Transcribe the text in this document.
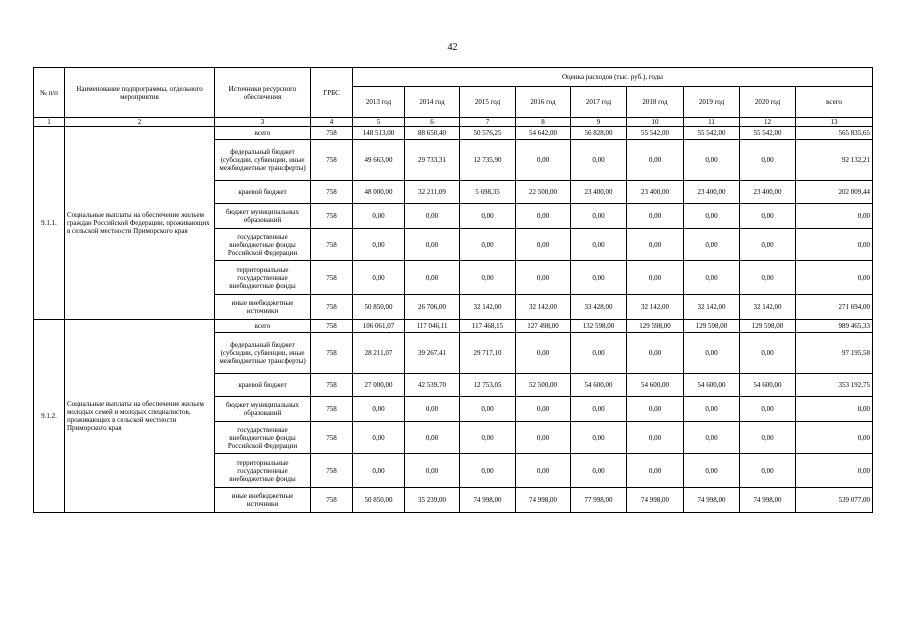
42
№ п/п	Наименование подпрограммы, отдельного мероприятия	Источники ресурсного обеспечения	ГРБС	Оценка расходов (тыс. руб.), годы								
				2013 год	2014 год	2015 год	2016 год	2017 год	2018 год	2019 год	2020 год	всего
1	2	3	4	5	6	7	8	9	10	11	12	13
9.1.1.	Социальные выплаты на обеспечение жильем граждан Российской Федерации, проживающих в сельской местности Приморского края	всего	758	148 513,00	88 650,40	50 576,25	54 642,00	56 828,00	55 542,00	55 542,00	55 542,00	565 835,65
		федеральный бюджет (субсидии, субвенции, иные межбюджетные трансферты)	758	49 663,00	29 733,31	12 735,90	0,00	0,00	0,00	0,00	0,00	92 132,21
		краевой бюджет	758	48 000,00	32 211,09	5 698,35	22 500,00	23 400,00	23 400,00	23 400,00	23 400,00	202 009,44
		бюджет муниципальных образований	758	0,00	0,00	0,00	0,00	0,00	0,00	0,00	0,00	0,00
		государственные внебюджетные фонды Российской Федерации	758	0,00	0,00	0,00	0,00	0,00	0,00	0,00	0,00	0,00
		территориальные государственные внебюджетные фонды	758	0,00	0,00	0,00	0,00	0,00	0,00	0,00	0,00	0,00
		иные внебюджетные источники	758	50 850,00	26 706,00	32 142,00	32 142,00	33 428,00	32 142,00	32 142,00	32 142,00	271 694,00
9.1.2.	Социальные выплаты на обеспечение жильем молодых семей и молодых специалистов, проживающих в сельской местности Приморского края	всего	758	106 061,07	117 046,11	117 468,15	127 498,00	132 598,00	129 598,00	129 598,00	129 598,00	989 465,33
		федеральный бюджет (субсидии, субвенции, иные межбюджетные трансферты)	758	28 211,07	39 267,41	29 717,10	0,00	0,00	0,00	0,00	0,00	97 195,58
		краевой бюджет	758	27 000,00	42 539,70	12 753,05	52 500,00	54 600,00	54 600,00	54 600,00	54 600,00	353 192,75
		бюджет муниципальных образований	758	0,00	0,00	0,00	0,00	0,00	0,00	0,00	0,00	0,00
		государственные внебюджетные фонды Российской Федерации	758	0,00	0,00	0,00	0,00	0,00	0,00	0,00	0,00	0,00
		территориальные государственные внебюджетные фонды	758	0,00	0,00	0,00	0,00	0,00	0,00	0,00	0,00	0,00
		иные внебюджетные источники	758	50 850,00	35 239,00	74 998,00	74 998,00	77 998,00	74 998,00	74 998,00	74 998,00	539 077,00
